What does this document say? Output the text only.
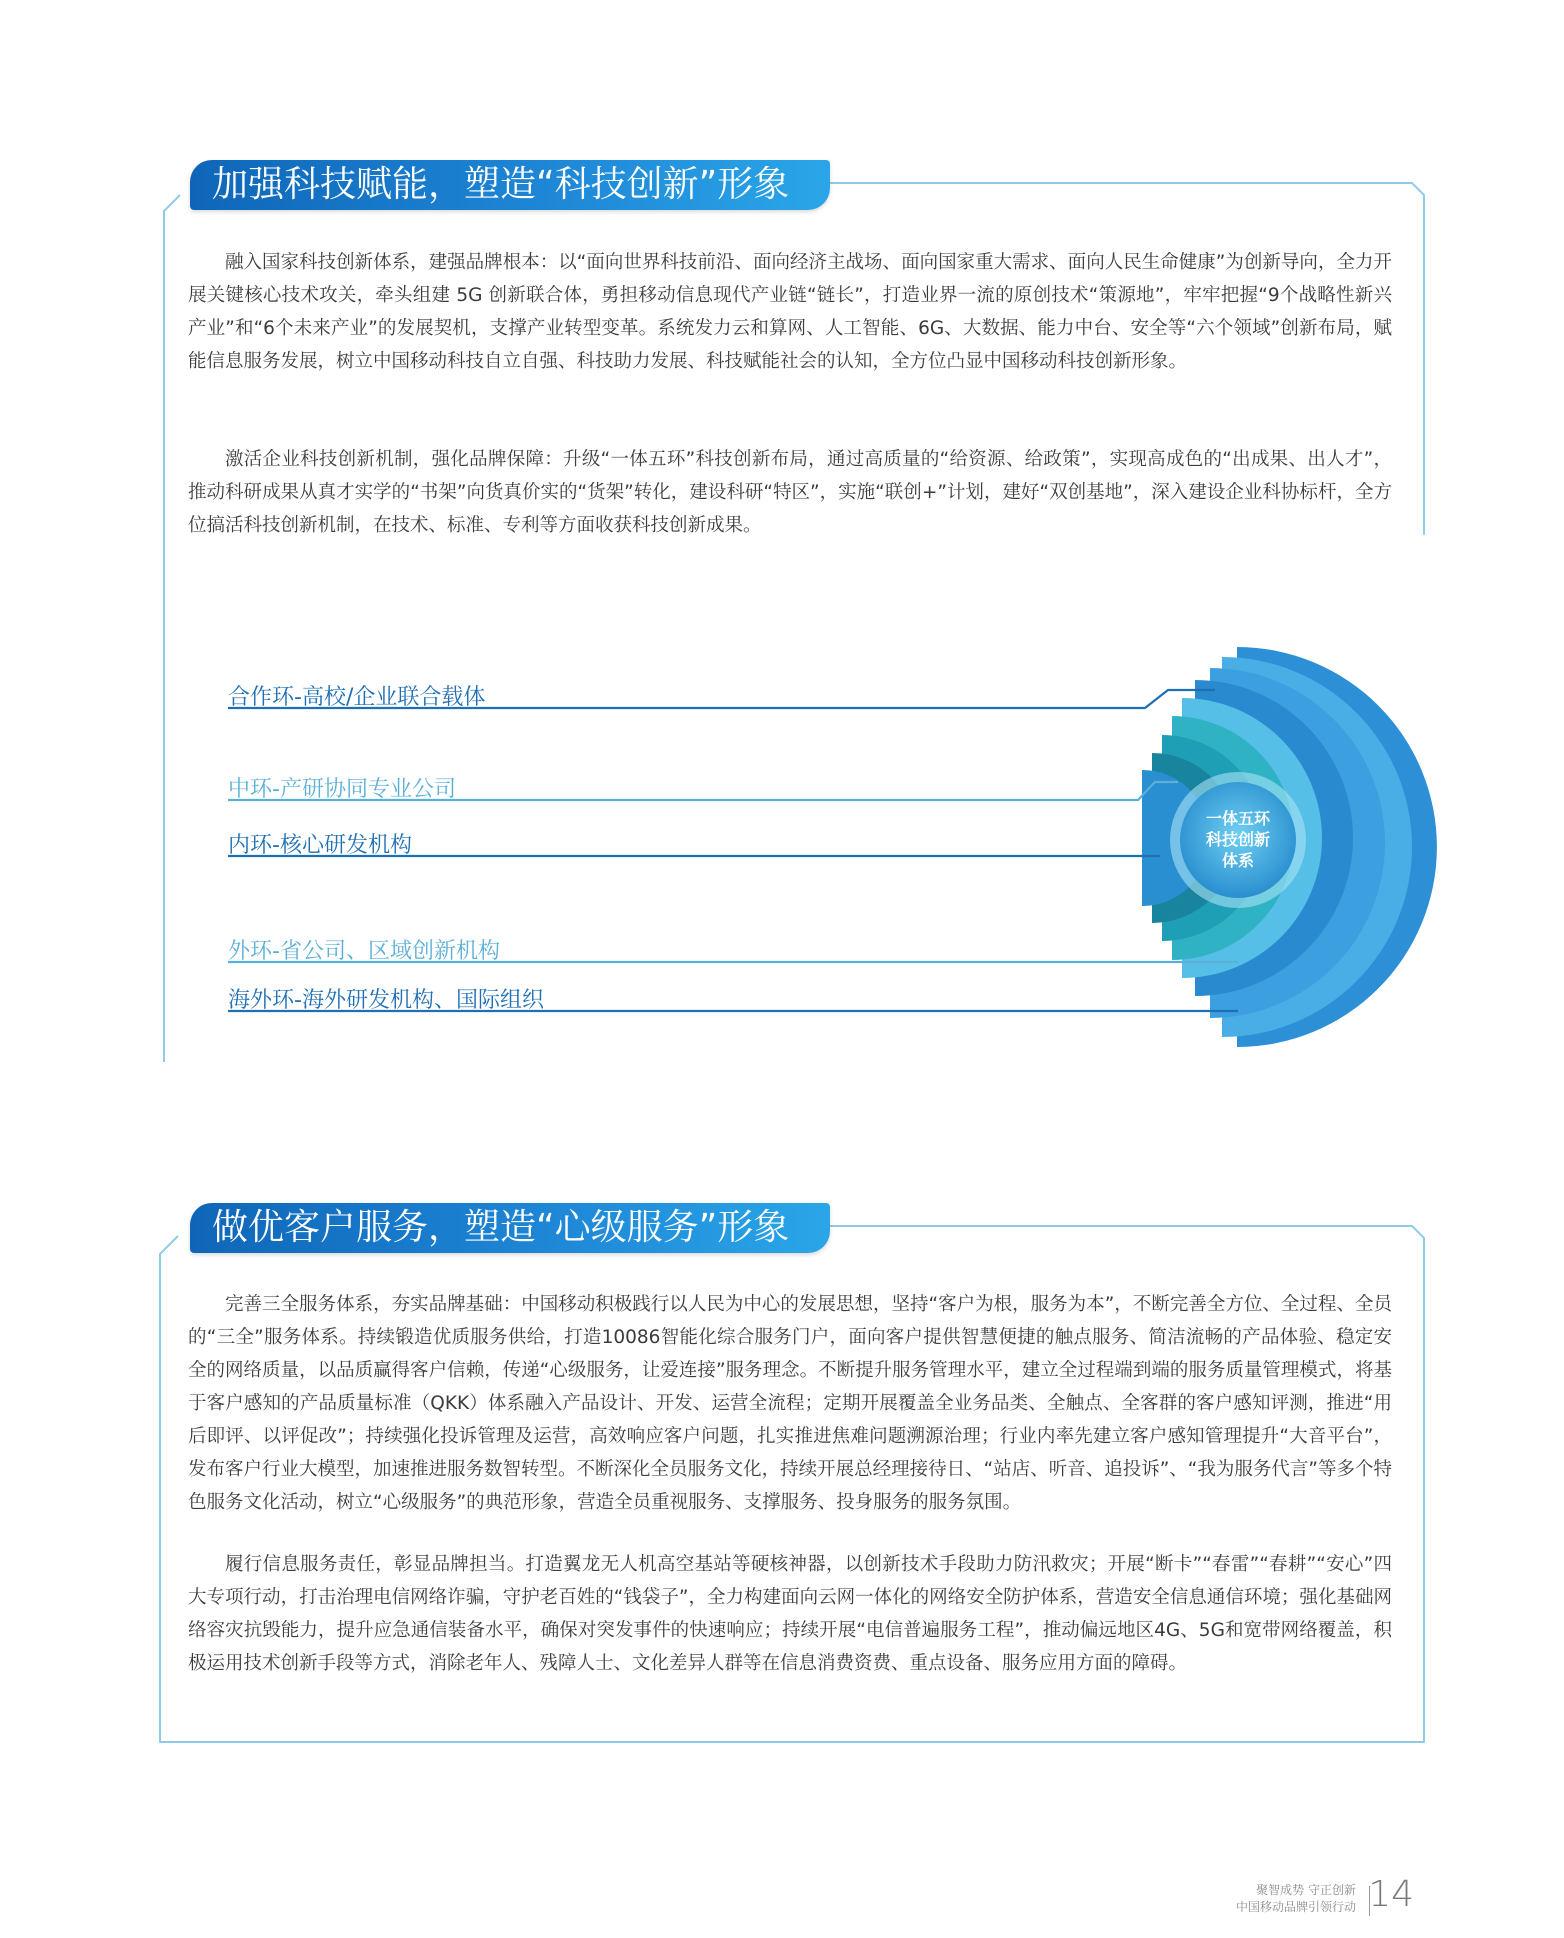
加强科技赋能，塑造“科技创新”形象

融入国家科技创新体系，建强品牌根本：以“面向世界科技前沿、面向经济主战场、面向国家重大需求、面向人民生命健康”为创新导向，全力开展关键核心技术攻关，牵头组建 5G 创新联合体，勇担移动信息现代产业链“链长”，打造业界一流的原创技术“策源地”，牢牢把握“9个战略性新兴产业”和“6个未来产业”的发展契机，支撑产业转型变革。系统发力云和算网、人工智能、6G、大数据、能力中台、安全等“六个领域”创新布局，赋能信息服务发展，树立中国移动科技自立自强、科技助力发展、科技赋能社会的认知，全方位凸显中国移动科技创新形象。

激活企业科技创新机制，强化品牌保障：升级“一体五环”科技创新布局，通过高质量的“给资源、给政策”，实现高成色的“出成果、出人才”，推动科研成果从真才实学的“书架”向货真价实的“货架”转化，建设科研“特区”，实施“联创+”计划，建好“双创基地”，深入建设企业科协标杆，全方位搞活科技创新机制，在技术、标准、专利等方面收获科技创新成果。

一体五环
科技创新
体系
合作环-高校/企业联合载体
中环-产研协同专业公司
内环-核心研发机构
外环-省公司、区域创新机构
海外环-海外研发机构、国际组织
做优客户服务，塑造“心级服务”形象

完善三全服务体系，夯实品牌基础：中国移动积极践行以人民为中心的发展思想，坚持“客户为根，服务为本”，不断完善全方位、全过程、全员的“三全”服务体系。持续锻造优质服务供给，打造10086智能化综合服务门户，面向客户提供智慧便捷的触点服务、简洁流畅的产品体验、稳定安全的网络质量，以品质赢得客户信赖，传递“心级服务，让爱连接”服务理念。不断提升服务管理水平，建立全过程端到端的服务质量管理模式，将基于客户感知的产品质量标准（QKK）体系融入产品设计、开发、运营全流程；定期开展覆盖全业务品类、全触点、全客群的客户感知评测，推进“用后即评、以评促改”；持续强化投诉管理及运营，高效响应客户问题，扎实推进焦难问题溯源治理；行业内率先建立客户感知管理提升“大音平台”，发布客户行业大模型，加速推进服务数智转型。不断深化全员服务文化，持续开展总经理接待日、“站店、听音、追投诉”、“我为服务代言”等多个特色服务文化活动，树立“心级服务”的典范形象，营造全员重视服务、支撑服务、投身服务的服务氛围。

履行信息服务责任，彰显品牌担当。打造翼龙无人机高空基站等硬核神器，以创新技术手段助力防汛救灾；开展“断卡”“春雷”“春耕”“安心”四大专项行动，打击治理电信网络诈骗，守护老百姓的“钱袋子”，全力构建面向云网一体化的网络安全防护体系，营造安全信息通信环境；强化基础网络容灾抗毁能力，提升应急通信装备水平，确保对突发事件的快速响应；持续开展“电信普遍服务工程”，推动偏远地区4G、5G和宽带网络覆盖，积极运用技术创新手段等方式，消除老年人、残障人士、文化差异人群等在信息消费资费、重点设备、服务应用方面的障碍。

聚智成势 守正创新
中国移动品牌引领行动 14
